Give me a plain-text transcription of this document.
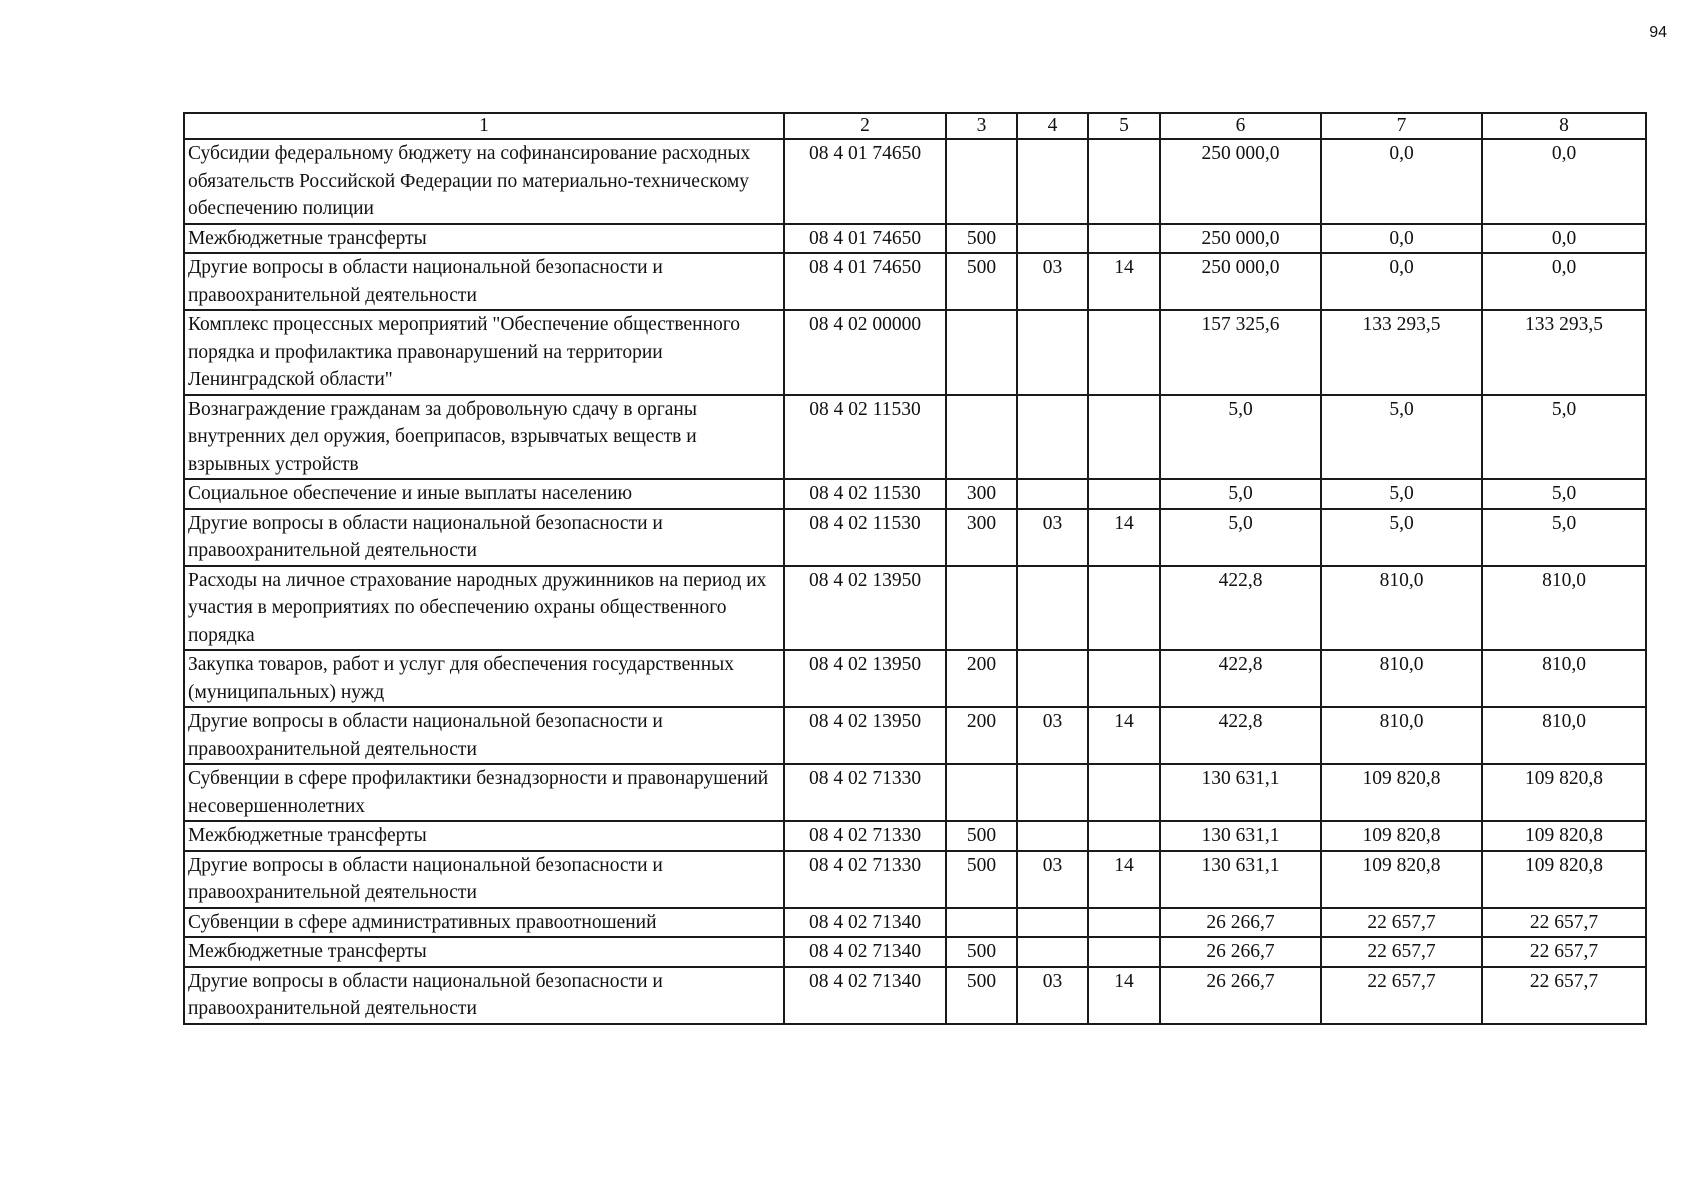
94
1	2	3	4	5	6	7	8
Субсидии федеральному бюджету на софинансирование расходных обязательств Российской Федерации по материально-техническому обеспечению полиции	08 4 01 74650				250 000,0	0,0	0,0
Межбюджетные трансферты	08 4 01 74650	500			250 000,0	0,0	0,0
Другие вопросы в области национальной безопасности и правоохранительной деятельности	08 4 01 74650	500	03	14	250 000,0	0,0	0,0
Комплекс процессных мероприятий "Обеспечение общественного порядка и профилактика правонарушений на территории Ленинградской области"	08 4 02 00000				157 325,6	133 293,5	133 293,5
Вознаграждение гражданам за добровольную сдачу в органы внутренних дел оружия, боеприпасов, взрывчатых веществ и взрывных устройств	08 4 02 11530				5,0	5,0	5,0
Социальное обеспечение и иные выплаты населению	08 4 02 11530	300			5,0	5,0	5,0
Другие вопросы в области национальной безопасности и правоохранительной деятельности	08 4 02 11530	300	03	14	5,0	5,0	5,0
Расходы на личное страхование народных дружинников на период их участия в мероприятиях по обеспечению охраны общественного порядка	08 4 02 13950				422,8	810,0	810,0
Закупка товаров, работ и услуг для обеспечения государственных (муниципальных) нужд	08 4 02 13950	200			422,8	810,0	810,0
Другие вопросы в области национальной безопасности и правоохранительной деятельности	08 4 02 13950	200	03	14	422,8	810,0	810,0
Субвенции в сфере профилактики безнадзорности и правонарушений несовершеннолетних	08 4 02 71330				130 631,1	109 820,8	109 820,8
Межбюджетные трансферты	08 4 02 71330	500			130 631,1	109 820,8	109 820,8
Другие вопросы в области национальной безопасности и правоохранительной деятельности	08 4 02 71330	500	03	14	130 631,1	109 820,8	109 820,8
Субвенции в сфере административных правоотношений	08 4 02 71340				26 266,7	22 657,7	22 657,7
Межбюджетные трансферты	08 4 02 71340	500			26 266,7	22 657,7	22 657,7
Другие вопросы в области национальной безопасности и правоохранительной деятельности	08 4 02 71340	500	03	14	26 266,7	22 657,7	22 657,7
